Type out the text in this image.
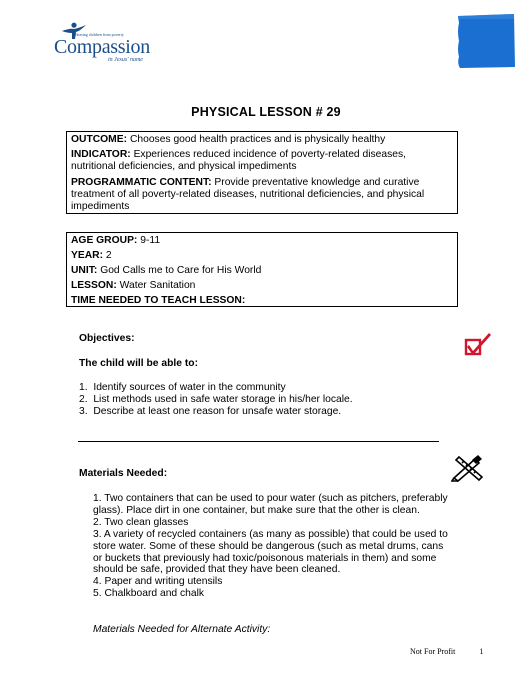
Releasing children from poverty
Compassion
in Jesus' name
PHYSICAL LESSON # 29

OUTCOME: Chooses good health practices and is physically healthy

INDICATOR: Experiences reduced incidence of poverty-related diseases, nutritional deficiencies, and physical impediments

PROGRAMMATIC CONTENT: Provide preventative knowledge and curative treatment of all poverty-related diseases, nutritional deficiencies, and physical impediments

AGE GROUP: 9-11

YEAR: 2

UNIT: God Calls me to Care for His World

LESSON: Water Sanitation

TIME NEEDED TO TEACH LESSON:

Objectives:
The child will be able to:
1. Identify sources of water in the community
2. List methods used in safe water storage in his/her locale.
3. Describe at least one reason for unsafe water storage.
Materials Needed:
1. Two containers that can be used to pour water (such as pitchers, preferably glass). Place dirt in one container, but make sure that the other is clean.
2. Two clean glasses
3. A variety of recycled containers (as many as possible) that could be used to store water. Some of these should be dangerous (such as metal drums, cans or buckets that previously had toxic/poisonous materials in them) and some should be safe, provided that they have been cleaned.
4. Paper and writing utensils
5. Chalkboard and chalk
Materials Needed for Alternate Activity:
Not For Profit	1
